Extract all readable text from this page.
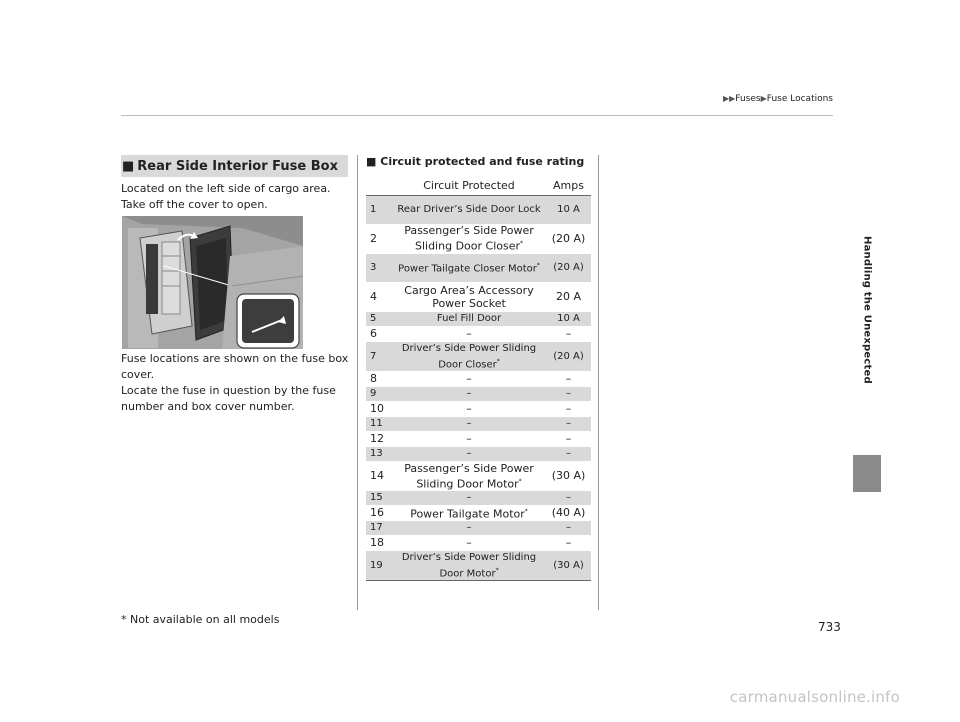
▶▶Fuses▶Fuse Locations
Handling the Unexpected
■ Rear Side Interior Fuse Box
Located on the left side of cargo area. Take off the cover to open.
Fuse locations are shown on the fuse box cover.
Locate the fuse in question by the fuse number and box cover number.
■ Circuit protected and fuse rating
	Circuit Protected	Amps
1	Rear Driver’s Side Door Lock	10 A
2	Passenger’s Side Power Sliding Door Closer*	(20 A)
3	Power Tailgate Closer Motor*	(20 A)
4	Cargo Area’s Accessory Power Socket	20 A
5	Fuel Fill Door	10 A
6	–	–
7	Driver’s Side Power Sliding Door Closer*	(20 A)
8	–	–
9	–	–
10	–	–
11	–	–
12	–	–
13	–	–
14	Passenger’s Side Power Sliding Door Motor*	(30 A)
15	–	–
16	Power Tailgate Motor*	(40 A)
17	–	–
18	–	–
19	Driver’s Side Power Sliding Door Motor*	(30 A)
* Not available on all models
733
carmanualsonline.info
